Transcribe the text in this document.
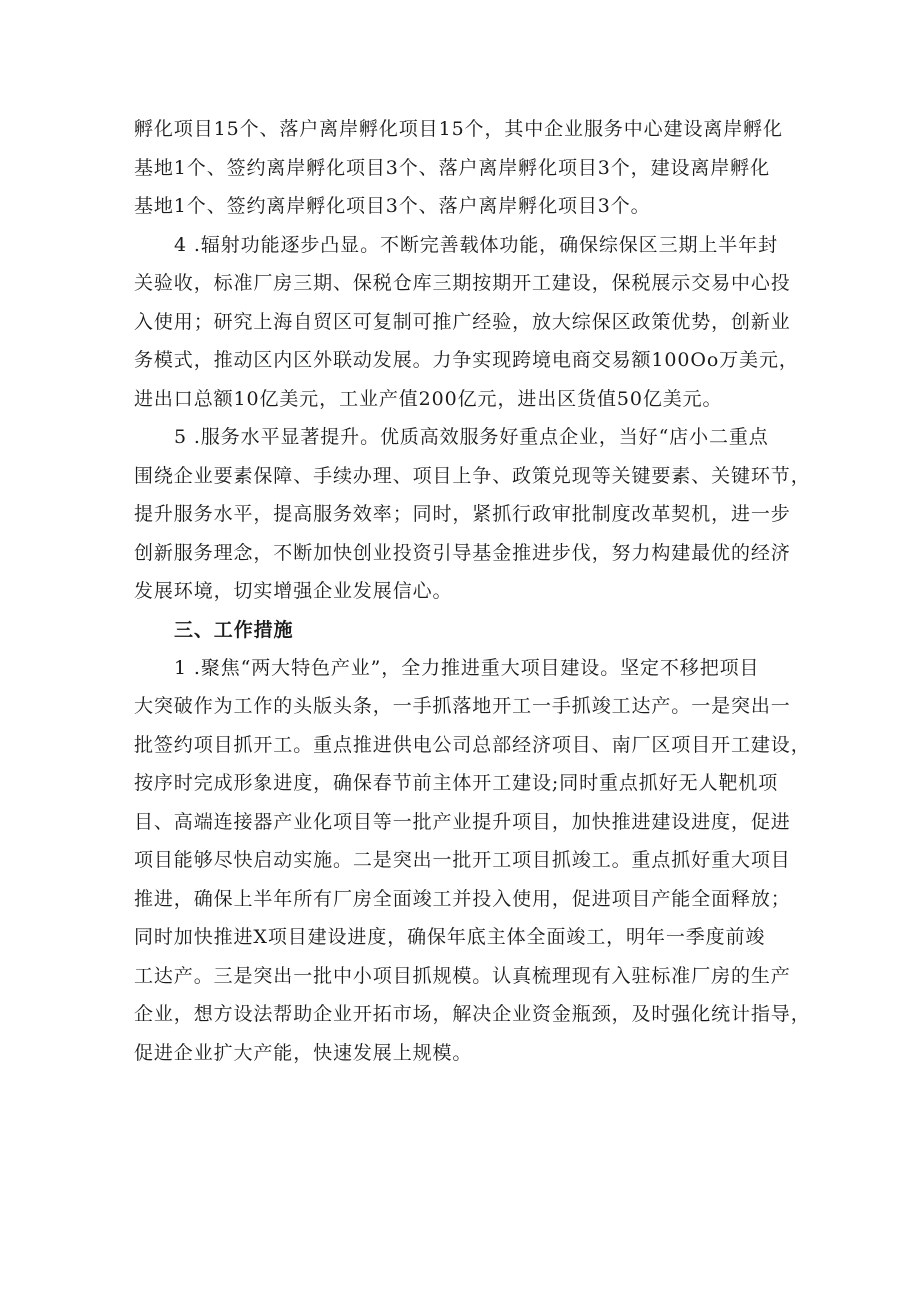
孵化项目15个、落户离岸孵化项目15个，其中企业服务中心建设离岸孵化
基地1个、签约离岸孵化项目3个、落户离岸孵化项目3个，建设离岸孵化
基地1个、签约离岸孵化项目3个、落户离岸孵化项目3个。
4 .辐射功能逐步凸显。不断完善载体功能，确保综保区三期上半年封
关验收，标准厂房三期、保税仓库三期按期开工建设，保税展示交易中心投
入使用；研究上海自贸区可复制可推广经验，放大综保区政策优势，创新业
务模式，推动区内区外联动发展。力争实现跨境电商交易额100Oo万美元，
进出口总额10亿美元，工业产值200亿元，进出区货值50亿美元。
5 .服务水平显著提升。优质高效服务好重点企业，当好“店小二重点
围绕企业要素保障、手续办理、项目上争、政策兑现等关键要素、关键环节，
提升服务水平，提高服务效率；同时，紧抓行政审批制度改革契机，进一步
创新服务理念，不断加快创业投资引导基金推进步伐，努力构建最优的经济
发展环境，切实增强企业发展信心。
三、工作措施
1 .聚焦“两大特色产业”，全力推进重大项目建设。坚定不移把项目
大突破作为工作的头版头条，一手抓落地开工一手抓竣工达产。一是突出一
批签约项目抓开工。重点推进供电公司总部经济项目、南厂区项目开工建设，
按序时完成形象进度，确保春节前主体开工建设;同时重点抓好无人靶机项
目、高端连接器产业化项目等一批产业提升项目，加快推进建设进度，促进
项目能够尽快启动实施。二是突出一批开工项目抓竣工。重点抓好重大项目
推进，确保上半年所有厂房全面竣工并投入使用，促进项目产能全面释放；
同时加快推进X项目建设进度，确保年底主体全面竣工，明年一季度前竣
工达产。三是突出一批中小项目抓规模。认真梳理现有入驻标准厂房的生产
企业，想方设法帮助企业开拓市场，解决企业资金瓶颈，及时强化统计指导，
促进企业扩大产能，快速发展上规模。
